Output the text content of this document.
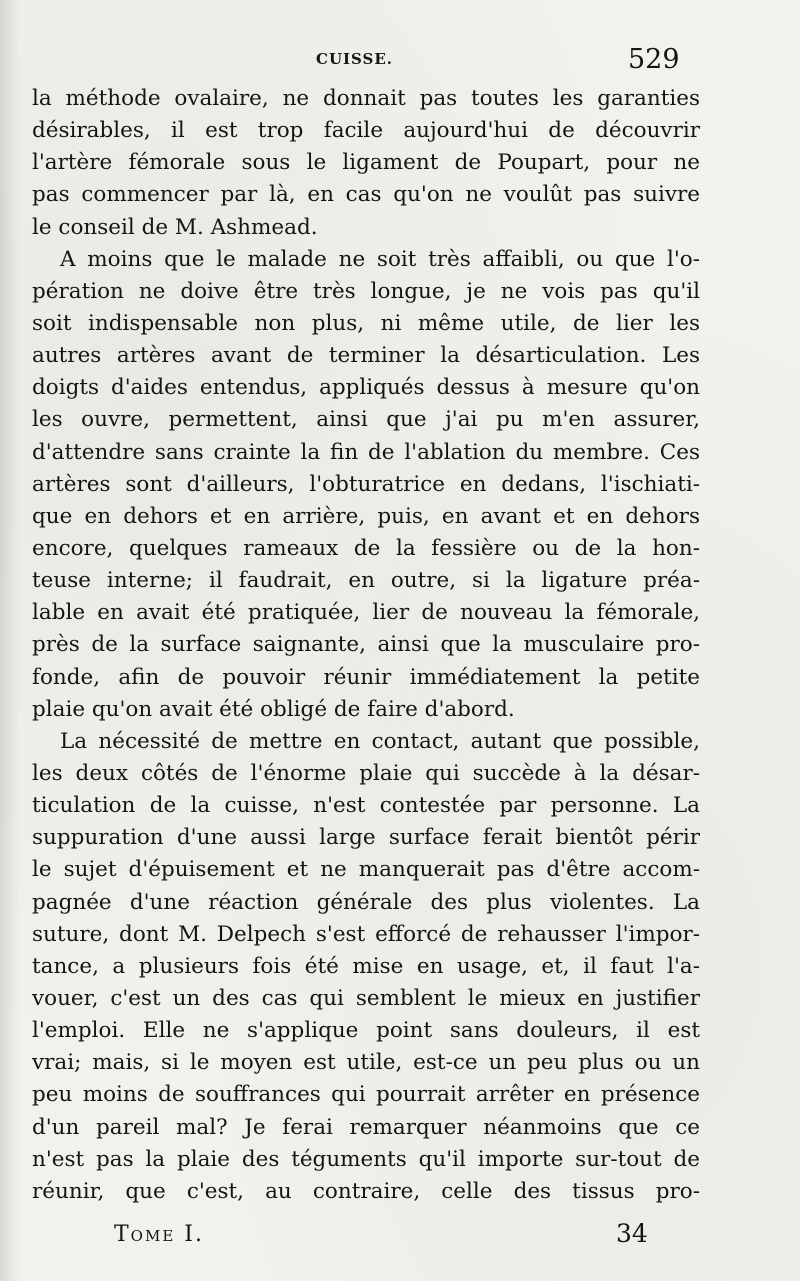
CUISSE.	529
la méthode ovalaire, ne donnait pas toutes les garanties
désirables, il est trop facile aujourd'hui de découvrir
l'artère fémorale sous le ligament de Poupart, pour ne
pas commencer par là, en cas qu'on ne voulût pas suivre
le conseil de M. Ashmead.
A moins que le malade ne soit très affaibli, ou que l'o-
pération ne doive être très longue, je ne vois pas qu'il
soit indispensable non plus, ni même utile, de lier les
autres artères avant de terminer la désarticulation. Les
doigts d'aides entendus, appliqués dessus à mesure qu'on
les ouvre, permettent, ainsi que j'ai pu m'en assurer,
d'attendre sans crainte la fin de l'ablation du membre. Ces
artères sont d'ailleurs, l'obturatrice en dedans, l'ischiati-
que en dehors et en arrière, puis, en avant et en dehors
encore, quelques rameaux de la fessière ou de la hon-
teuse interne; il faudrait, en outre, si la ligature préa-
lable en avait été pratiquée, lier de nouveau la fémorale,
près de la surface saignante, ainsi que la musculaire pro-
fonde, afin de pouvoir réunir immédiatement la petite
plaie qu'on avait été obligé de faire d'abord.
La nécessité de mettre en contact, autant que possible,
les deux côtés de l'énorme plaie qui succède à la désar-
ticulation de la cuisse, n'est contestée par personne. La
suppuration d'une aussi large surface ferait bientôt périr
le sujet d'épuisement et ne manquerait pas d'être accom-
pagnée d'une réaction générale des plus violentes. La
suture, dont M. Delpech s'est efforcé de rehausser l'impor-
tance, a plusieurs fois été mise en usage, et, il faut l'a-
vouer, c'est un des cas qui semblent le mieux en justifier
l'emploi. Elle ne s'applique point sans douleurs, il est
vrai; mais, si le moyen est utile, est-ce un peu plus ou un
peu moins de souffrances qui pourrait arrêter en présence
d'un pareil mal? Je ferai remarquer néanmoins que ce
n'est pas la plaie des téguments qu'il importe sur-tout de
réunir, que c'est, au contraire, celle des tissus pro-
Tome I.	34
